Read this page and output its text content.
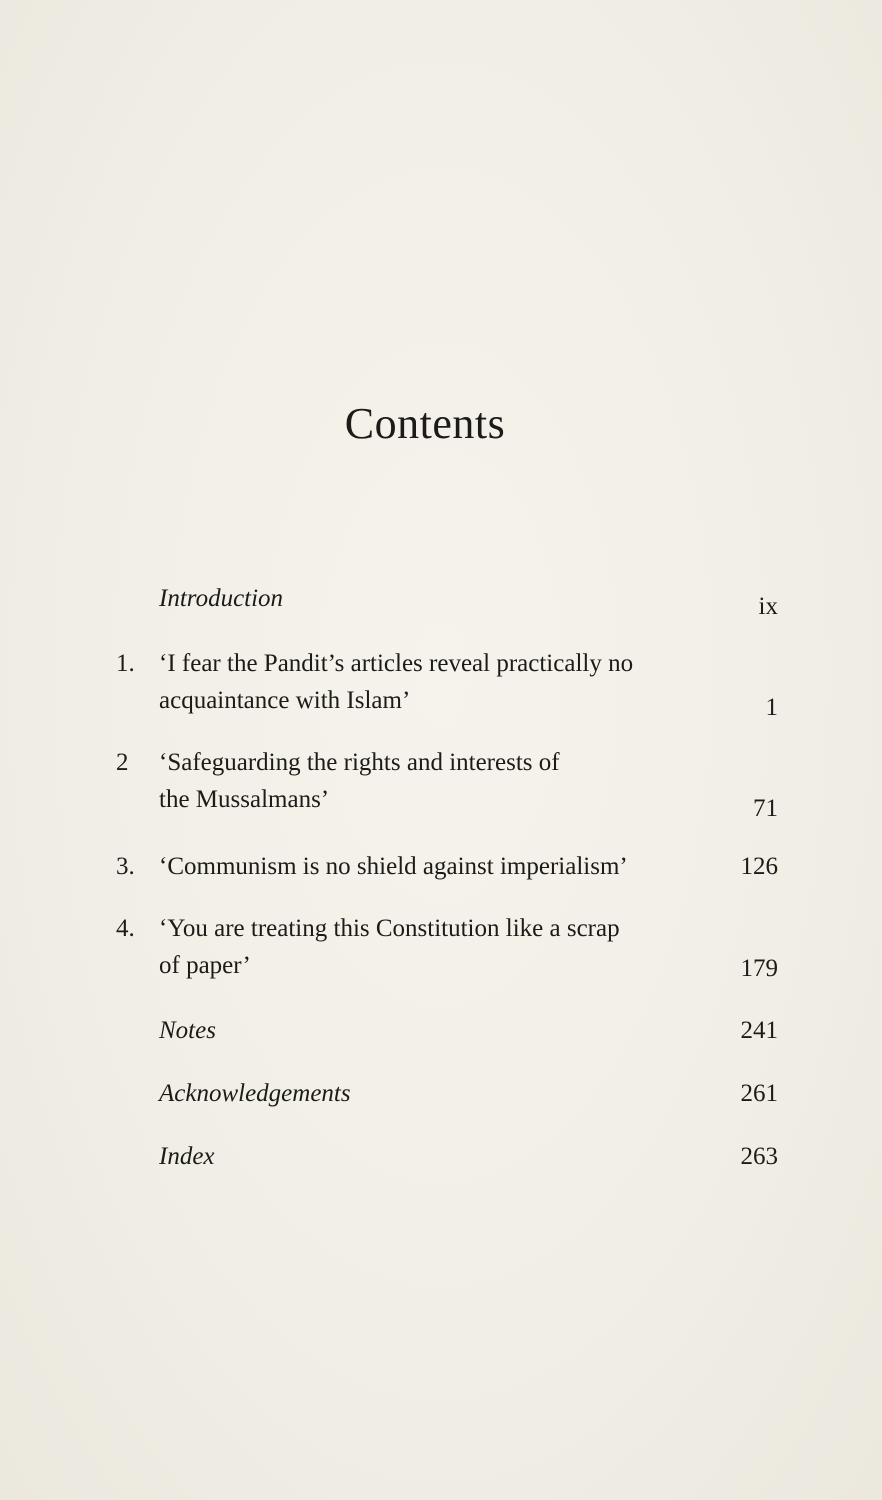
Contents
Introduction	ix
1. ‘I fear the Pandit’s articles reveal practically no
acquaintance with Islam’	1
2 ‘Safeguarding the rights and interests of
the Mussalmans’	71
3. ‘Communism is no shield against imperialism’	126
4. ‘You are treating this Constitution like a scrap
of paper’	179
Notes	241
Acknowledgements	261
Index	263
